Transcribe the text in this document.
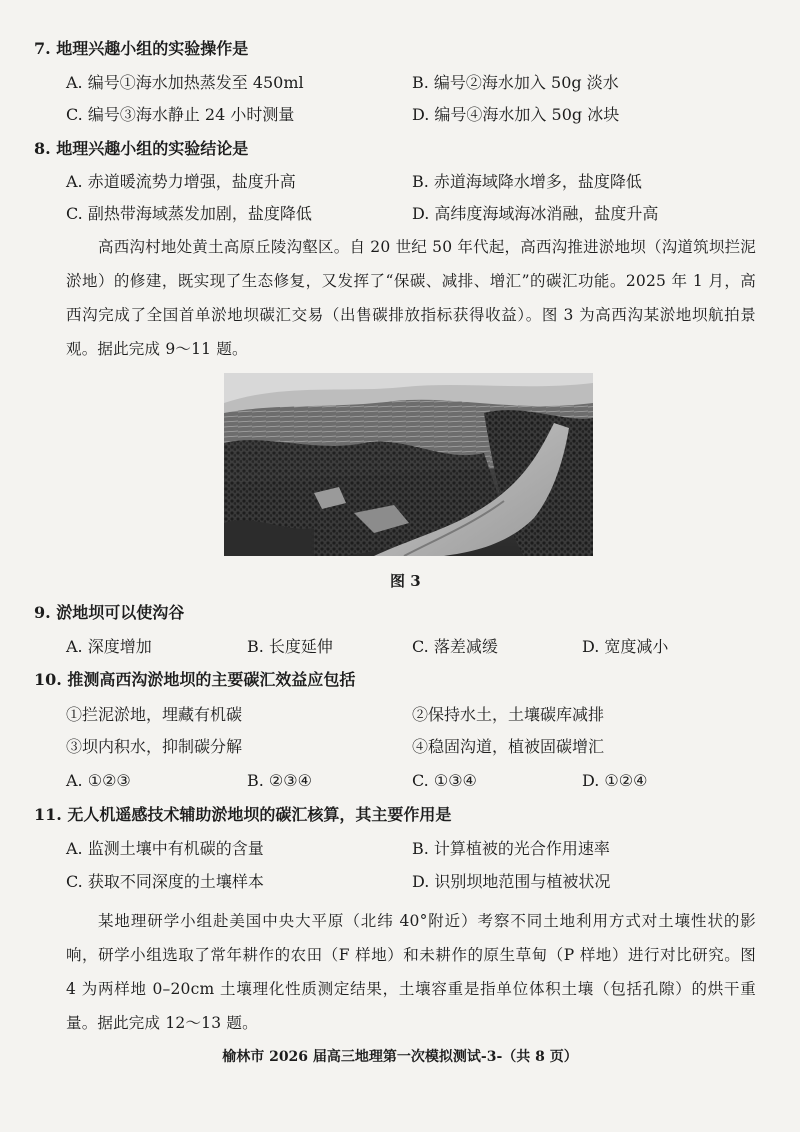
7. 地理兴趣小组的实验操作是
A. 编号①海水加热蒸发至 450ml	B. 编号②海水加入 50g 淡水
C. 编号③海水静止 24 小时测量	D. 编号④海水加入 50g 冰块
8. 地理兴趣小组的实验结论是
A. 赤道暖流势力增强，盐度升高	B. 赤道海域降水增多，盐度降低
C. 副热带海域蒸发加剧，盐度降低	D. 高纬度海域海冰消融，盐度升高
高西沟村地处黄土高原丘陵沟壑区。自 20 世纪 50 年代起，高西沟推进淤地坝（沟道筑坝拦泥淤地）的修建，既实现了生态修复，又发挥了“保碳、减排、增汇”的碳汇功能。2025 年 1 月，高西沟完成了全国首单淤地坝碳汇交易（出售碳排放指标获得收益）。图 3 为高西沟某淤地坝航拍景观。据此完成 9～11 题。
图 3
9. 淤地坝可以使沟谷
A. 深度增加	B. 长度延伸	C. 落差减缓	D. 宽度减小
10. 推测高西沟淤地坝的主要碳汇效益应包括
①拦泥淤地，埋藏有机碳	②保持水土，土壤碳库减排
③坝内积水，抑制碳分解	④稳固沟道，植被固碳增汇
A. ①②③	B. ②③④	C. ①③④	D. ①②④
11. 无人机遥感技术辅助淤地坝的碳汇核算，其主要作用是
A. 监测土壤中有机碳的含量	B. 计算植被的光合作用速率
C. 获取不同深度的土壤样本	D. 识别坝地范围与植被状况
某地理研学小组赴美国中央大平原（北纬 40°附近）考察不同土地利用方式对土壤性状的影响，研学小组选取了常年耕作的农田（F 样地）和未耕作的原生草甸（P 样地）进行对比研究。图 4 为两样地 0–20cm 土壤理化性质测定结果，土壤容重是指单位体积土壤（包括孔隙）的烘干重量。据此完成 12～13 题。
榆林市 2026 届高三地理第一次模拟测试-3-（共 8 页）
